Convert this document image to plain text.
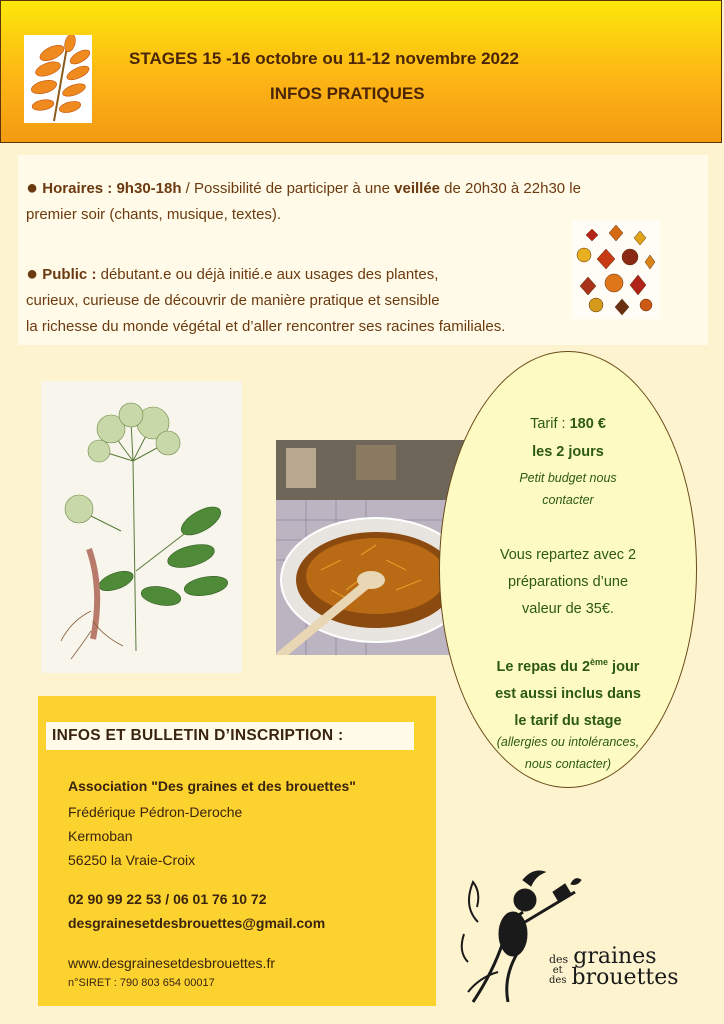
STAGES 15 -16 octobre ou 11-12 novembre 2022
INFOS PRATIQUES
● Horaires : 9h30-18h / Possibilité de participer à une veillée de 20h30 à 22h30 le
premier soir (chants, musique, textes).
● Public : débutant.e ou déjà initié.e aux usages des plantes,
curieux, curieuse de découvrir de manière pratique et sensible
la richesse du monde végétal et d’aller rencontrer ses racines familiales.
Tarif : 180 €
les 2 jours
Petit budget nous
contacter
Vous repartez avec 2
préparations d’une
valeur de 35€.
Le repas du 2ème jour
est aussi inclus dans
le tarif du stage
(allergies ou intolérances,
nous contacter)
INFOS ET BULLETIN D’INSCRIPTION :
Association "Des graines et des brouettes"
Frédérique Pédron-Deroche
Kermoban
56250 la Vraie-Croix
02 90 99 22 53 / 06 01 76 10 72
desgrainesetdesbrouettes@gmail.com
www.desgrainesetdesbrouettes.fr
n°SIRET : 790 803 654 00017
des graines
et
des brouettes
